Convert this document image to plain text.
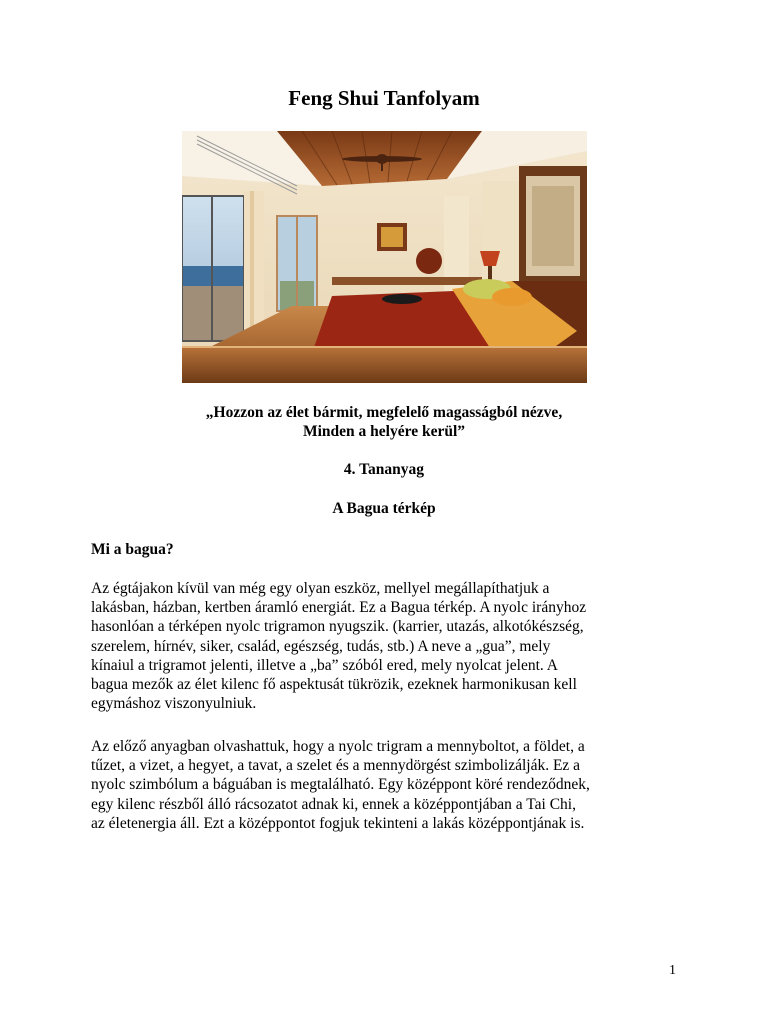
Feng Shui Tanfolyam
„Hozzon az élet bármit, megfelelő magasságból nézve,
Minden a helyére kerül”
4. Tananyag
A Bagua térkép
Mi a bagua?
Az égtájakon kívül van még egy olyan eszköz, mellyel megállapíthatjuk a
lakásban, házban, kertben áramló energiát. Ez a Bagua térkép. A nyolc irányhoz
hasonlóan a térképen nyolc trigramon nyugszik. (karrier, utazás, alkotókészség,
szerelem, hírnév, siker, család, egészség, tudás, stb.) A neve a „gua”, mely
kínaiul a trigramot jelenti, illetve a „ba” szóból ered, mely nyolcat jelent. A
bagua mezők az élet kilenc fő aspektusát tükrözik, ezeknek harmonikusan kell
egymáshoz viszonyulniuk.
Az előző anyagban olvashattuk, hogy a nyolc trigram a mennyboltot, a földet, a
tűzet, a vizet, a hegyet, a tavat, a szelet és a mennydörgést szimbolizálják. Ez a
nyolc szimbólum a báguában is megtalálható. Egy középpont köré rendeződnek,
egy kilenc részből álló rácsozatot adnak ki, ennek a középpontjában a Tai Chi,
az életenergia áll. Ezt a középpontot fogjuk tekinteni a lakás középpontjának is.
1
